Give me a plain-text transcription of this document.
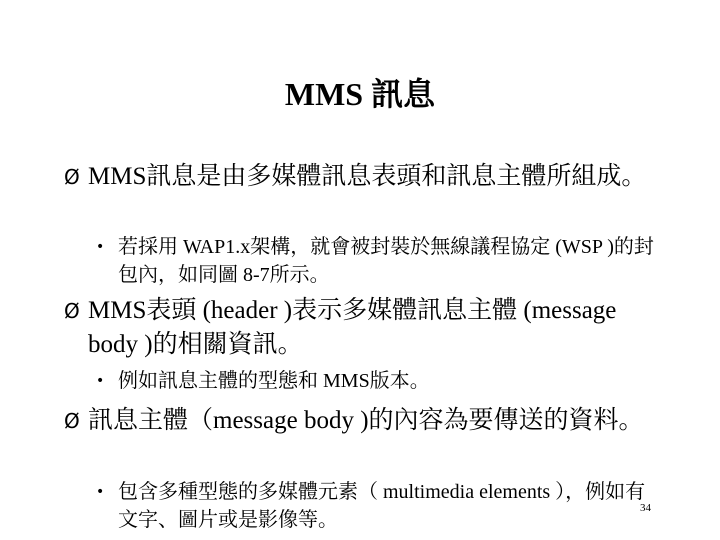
MMS 訊息
Ø MMS訊息是由多媒體訊息表頭和訊息主體所組成。
• 若採用 WAP1.x架構，就會被封裝於無線議程協定 (WSP )的封包內，如同圖 8-7所示。
Ø MMS表頭 (header )表示多媒體訊息主體 (message body )的相關資訊。
• 例如訊息主體的型態和 MMS版本。
Ø 訊息主體（message body )的內容為要傳送的資料。
• 包含多種型態的多媒體元素（ multimedia elements ），例如有文字、圖片或是影像等。
34
